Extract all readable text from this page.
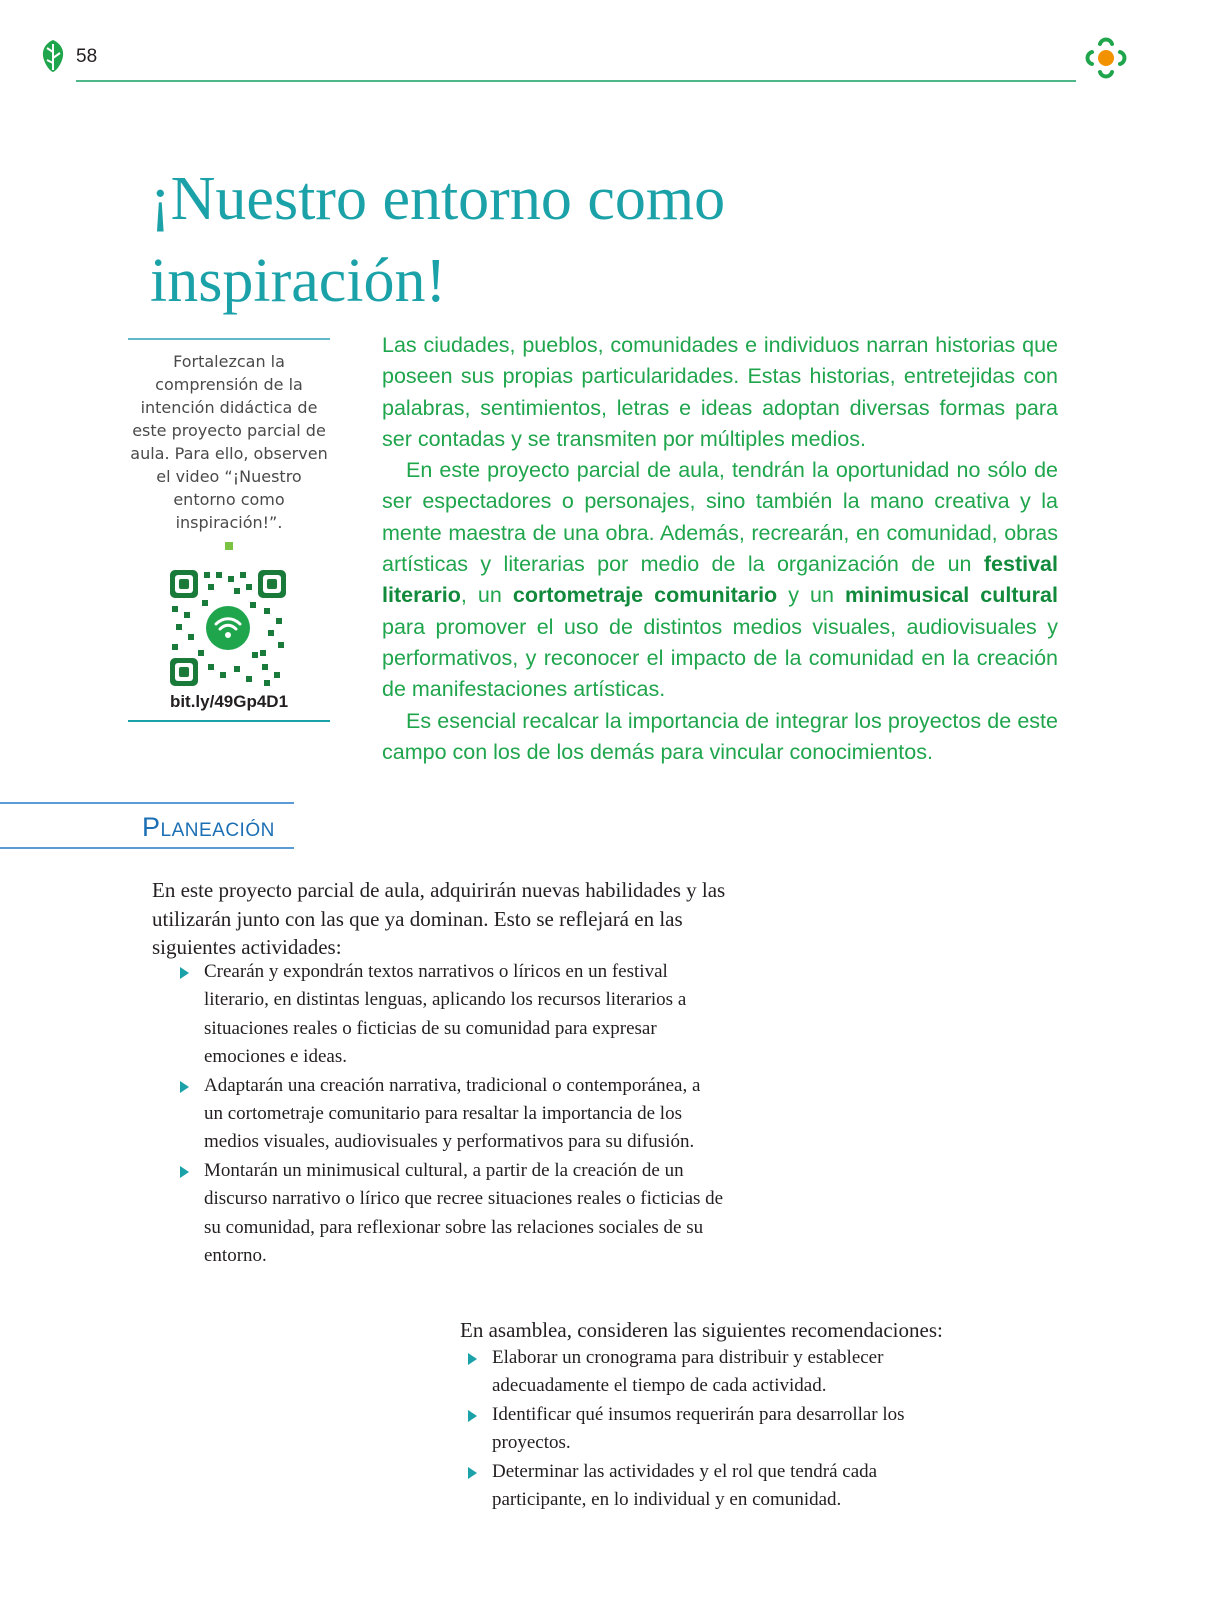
58
¡Nuestro entorno como inspiración!
Fortalezcan la comprensión de la intención didáctica de este proyecto parcial de aula. Para ello, observen el video “¡Nuestro entorno como inspiración!”.
bit.ly/49Gp4D1

Las ciudades, pueblos, comunidades e individuos narran historias que poseen sus propias particularidades. Estas historias, entretejidas con palabras, sentimientos, letras e ideas adoptan diversas formas para ser contadas y se transmiten por múltiples medios.

En este proyecto parcial de aula, tendrán la oportunidad no sólo de ser espectadores o personajes, sino también la mano creativa y la mente maestra de una obra. Además, recrearán, en comunidad, obras artísticas y literarias por medio de la organización de un festival literario, un cortometraje comunitario y un minimusical cultural para promover el uso de distintos medios visuales, audiovisuales y performativos, y reconocer el impacto de la comunidad en la creación de manifestaciones artísticas.

Es esencial recalcar la importancia de integrar los proyectos de este campo con los de los demás para vincular conocimientos.

Planeación
En este proyecto parcial de aula, adquirirán nuevas habilidades y las utilizarán junto con las que ya dominan. Esto se reflejará en las siguientes actividades:
Crearán y expondrán textos narrativos o líricos en un festival literario, en distintas lenguas, aplicando los recursos literarios a situaciones reales o ficticias de su comunidad para expresar emociones e ideas.
Adaptarán una creación narrativa, tradicional o contemporánea, a un cortometraje comunitario para resaltar la importancia de los medios visuales, audiovisuales y performativos para su difusión.
Montarán un minimusical cultural, a partir de la creación de un discurso narrativo o lírico que recree situaciones reales o ficticias de su comunidad, para reflexionar sobre las relaciones sociales de su entorno.
En asamblea, consideren las siguientes recomendaciones:
Elaborar un cronograma para distribuir y establecer adecuadamente el tiempo de cada actividad.
Identificar qué insumos requerirán para desarrollar los proyectos.
Determinar las actividades y el rol que tendrá cada participante, en lo individual y en comunidad.
